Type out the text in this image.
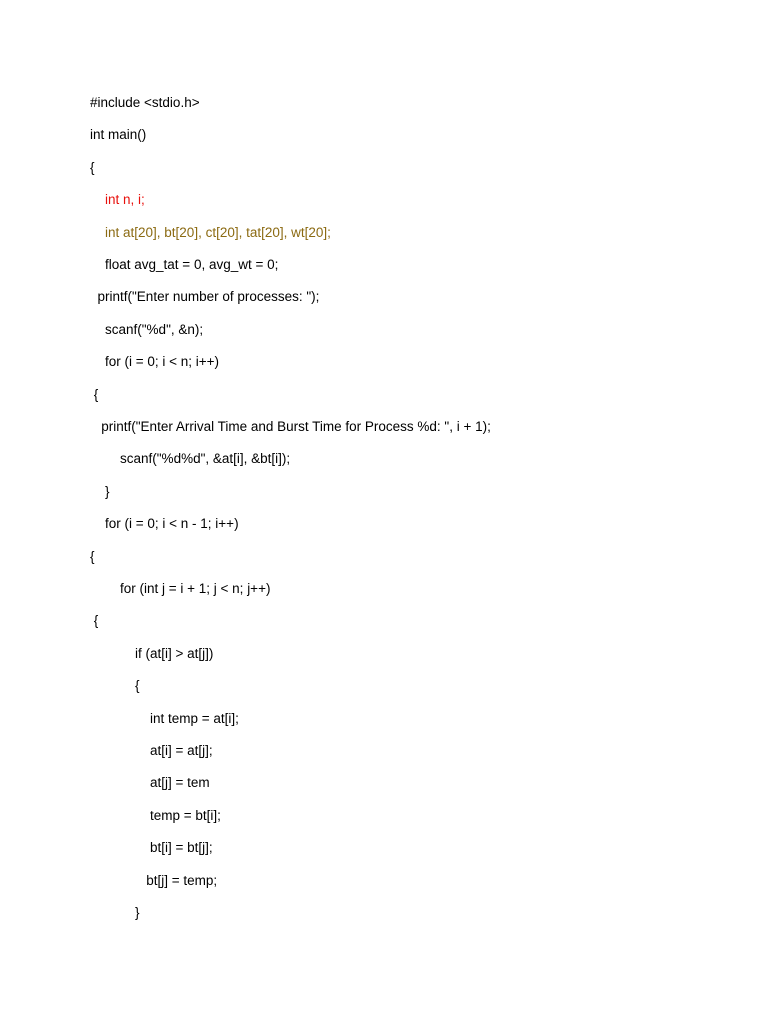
#include <stdio.h>
int main()
{
int n, i;
int at[20], bt[20], ct[20], tat[20], wt[20];
float avg_tat = 0, avg_wt = 0;
printf("Enter number of processes: ");
scanf("%d", &n);
for (i = 0; i < n; i++)
{
printf("Enter Arrival Time and Burst Time for Process %d: ", i + 1);
scanf("%d%d", &at[i], &bt[i]);
}
for (i = 0; i < n - 1; i++)
{
for (int j = i + 1; j < n; j++)
{
if (at[i] > at[j])
{
int temp = at[i];
at[i] = at[j];
at[j] = tem
temp = bt[i];
bt[i] = bt[j];
bt[j] = temp;
}
